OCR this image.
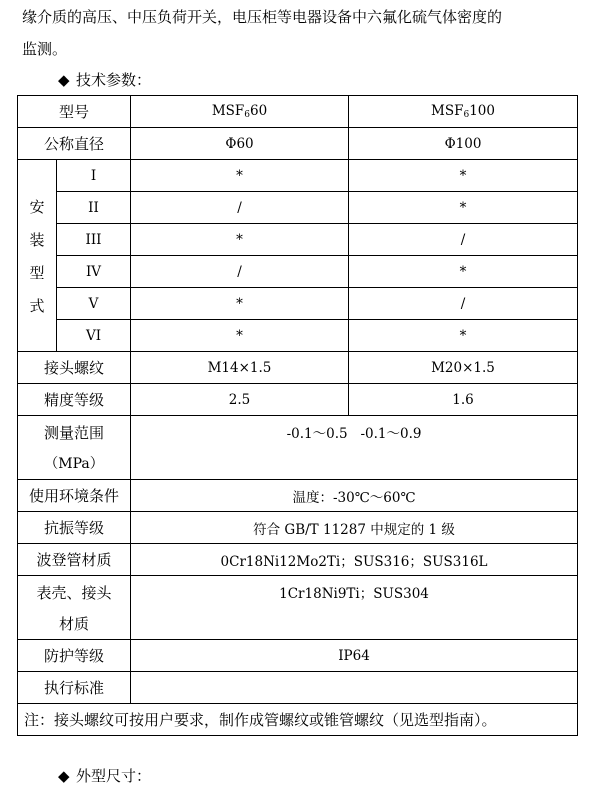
缘介质的高压、中压负荷开关，电压柜等电器设备中六氟化硫气体密度的
监测。
◆ 技术参数：
型号		$MSF_660$	$MSF_6100$
公称直径		Φ60	Φ100

安
装
型
式	I	*	*
	II	/	*
	III	*	/
	IV	/	*
	V	*	/
	VI	*	*
接头螺纹		M14×1.5	M20×1.5
精度等级		2.5	1.6

测量范围
（MPa）		-0.1～0.5   -0.1～0.9	
使用环境条件		温度：-30℃～60℃	
抗振等级		符合 GB/T 11287 中规定的 1 级	
波登管材质		0Cr18Ni12Mo2Ti；SUS316；SUS316L	

表壳、接头
材质		1Cr18Ni9Ti；SUS304	
防护等级		IP64	
执行标准			
注：接头螺纹可按用户要求，制作成管螺纹或锥管螺纹（见选型指南）。			
◆ 外型尺寸：
